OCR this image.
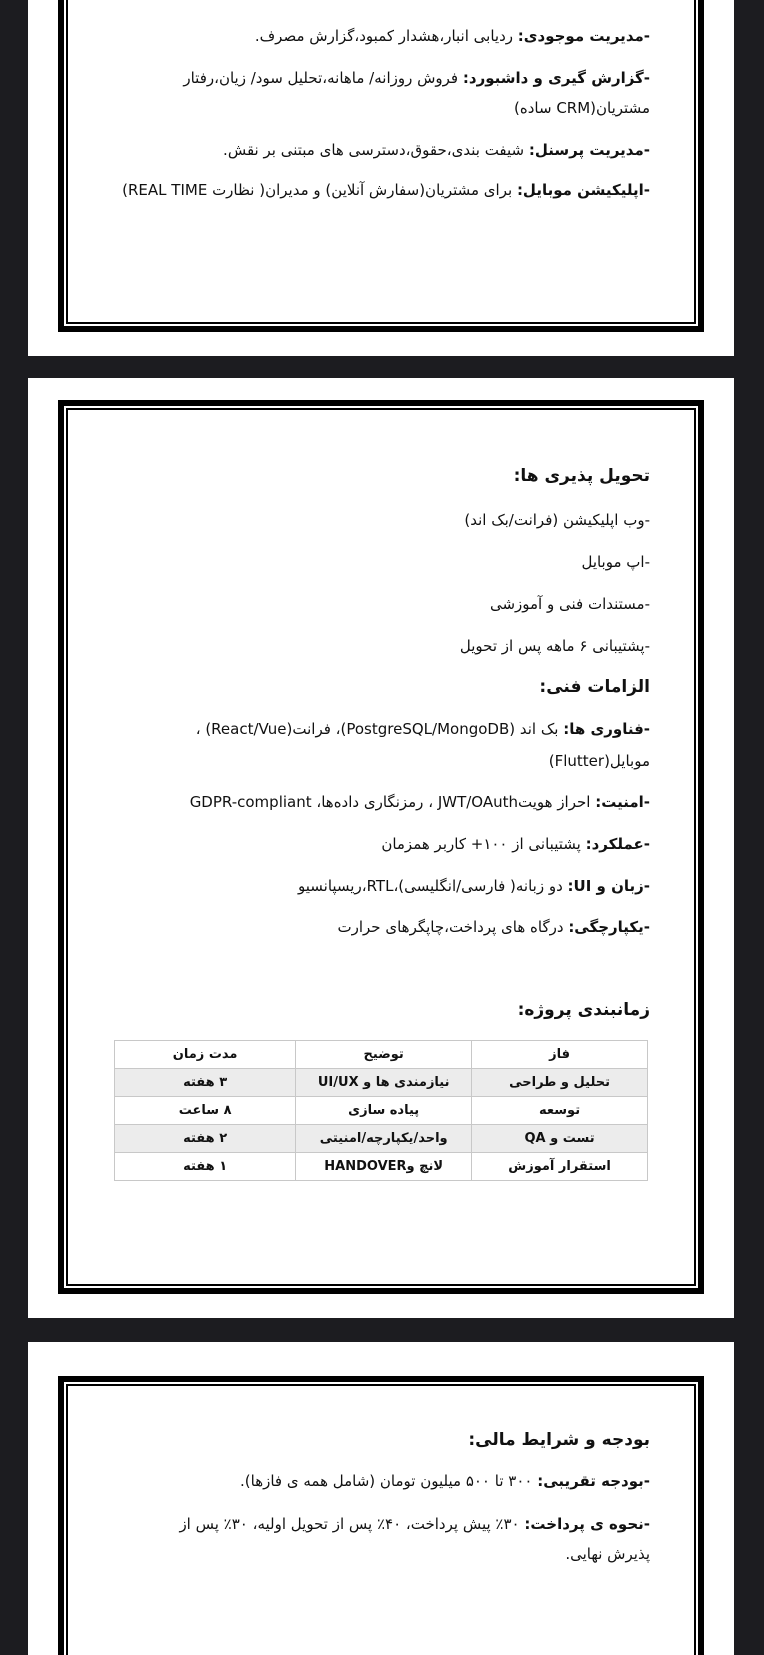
-مدیریت موجودی: ردیابی انبار،هشدار کمبود،گزارش مصرف.
-گزارش گیری و داشبورد: فروش روزانه/ ماهانه،تحلیل سود/ زیان،رفتار
مشتریان(CRM ساده)
-مدیریت پرسنل: شیفت بندی،حقوق،دسترسی های مبتنی بر نقش.
-اپلیکیشن موبایل: برای مشتریان(سفارش آنلاین) و مدیران( نظارت REAL TIME)
تحویل پذیری ها:
-وب اپلیکیشن (فرانت/بک اند)
-اپ موبایل
-مستندات فنی و آموزشی
-پشتیبانی ۶ ماهه پس از تحویل
الزامات فنی:
-فناوری ها: بک اند (PostgreSQL/MongoDB)، فرانت(React/Vue) ،
موبایل(Flutter)
-امنیت: احراز هویتJWT/OAuth ، رمزنگاری داده‌ها، GDPR-compliant
-عملکرد: پشتیبانی از ۱۰۰+ کاربر همزمان
-زبان و UI: دو زبانه( فارسی/انگلیسی)،RTL،ریسپانسیو
-یکپارچگی: درگاه های پرداخت،چاپگرهای حرارت
زمانبندی پروژه:
فاز	توضیح	مدت زمان
تحلیل و طراحی	نیازمندی ها و UI/UX	۳ هفته
توسعه	پیاده سازی	۸ ساعت
تست و QA	واحد/یکپارچه/امنیتی	۲ هفته
استقرار آموزش	لانچ وHANDOVER	۱ هفته
بودجه و شرایط مالی:
-بودجه تقریبی: ۳۰۰ تا ۵۰۰ میلیون تومان (شامل همه ی فازها).
-نحوه ی پرداخت: ۳۰٪ پیش پرداخت، ۴۰٪ پس از تحویل اولیه، ۳۰٪ پس از
پذیرش نهایی.
